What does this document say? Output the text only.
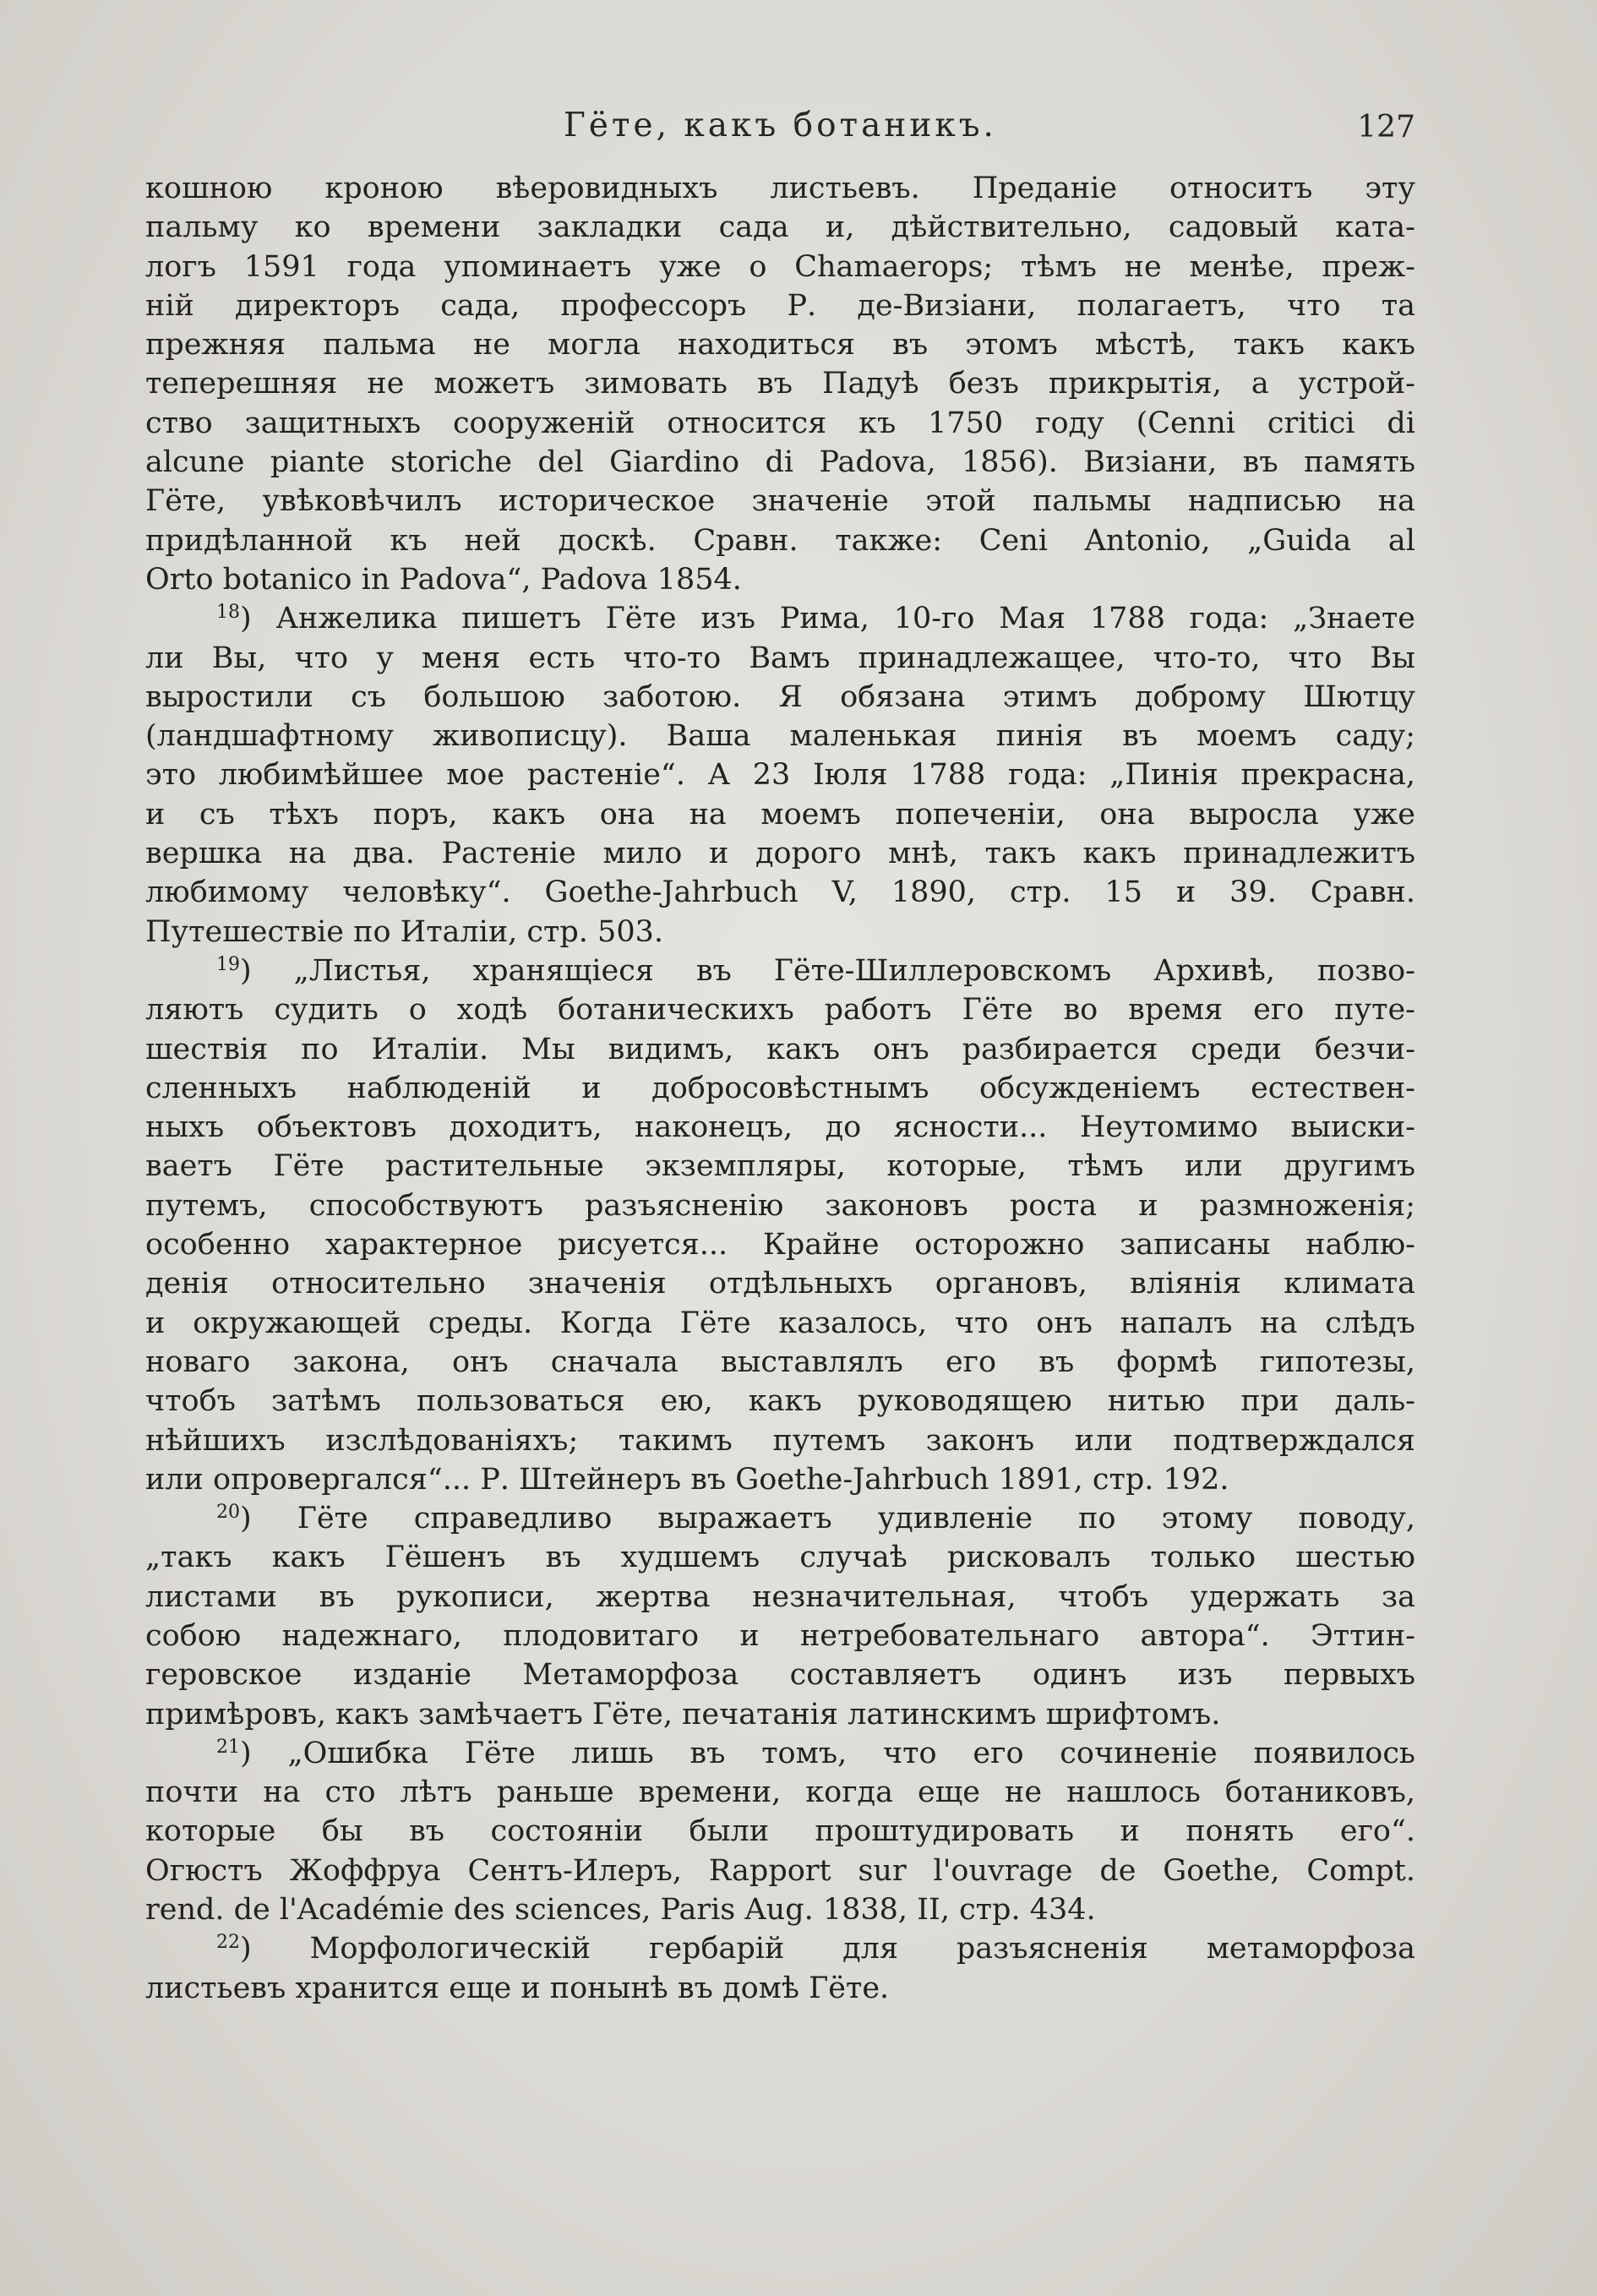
Гёте, какъ ботаникъ.	127
кошною кроною вѣеровидныхъ листьевъ. Преданіе относитъ эту
пальму ко времени закладки сада и, дѣйствительно, садовый ката-
логъ 1591 года упоминаетъ уже о Chamaerops; тѣмъ не менѣе, преж-
ній директоръ сада, профессоръ Р. де-Визіани, полагаетъ, что та
прежняя пальма не могла находиться въ этомъ мѣстѣ, такъ какъ
теперешняя не можетъ зимовать въ Падуѣ безъ прикрытія, а устрой-
ство защитныхъ сооруженій относится къ 1750 году (Cenni critici di
alcune piante storiche del Giardino di Padova, 1856). Визіани, въ память
Гёте, увѣковѣчилъ историческое значеніе этой пальмы надписью на
придѣланной къ ней доскѣ. Сравн. также: Ceni Antonio, „Guida al
Orto botanico in Padova“, Padova 1854.
$^{18}$) Анжелика пишетъ Гёте изъ Рима, 10-го Мая 1788 года: „Знаете
ли Вы, что у меня есть что-то Вамъ принадлежащее, что-то, что Вы
выростили съ большою заботою. Я обязана этимъ доброму Шютцу
(ландшафтному живописцу). Ваша маленькая пинія въ моемъ саду;
это любимѣйшее мое растеніе“. А 23 Іюля 1788 года: „Пинія прекрасна,
и съ тѣхъ поръ, какъ она на моемъ попеченіи, она выросла уже
вершка на два. Растеніе мило и дорого мнѣ, такъ какъ принадлежитъ
любимому человѣку“. Goethe-Jahrbuch V, 1890, стр. 15 и 39. Сравн.
Путешествіе по Италіи, стр. 503.
$^{19}$) „Листья, хранящіеся въ Гёте-Шиллеровскомъ Архивѣ, позво-
ляютъ судить о ходѣ ботаническихъ работъ Гёте во время его путе-
шествія по Италіи. Мы видимъ, какъ онъ разбирается среди безчи-
сленныхъ наблюденій и добросовѣстнымъ обсужденіемъ естествен-
ныхъ объектовъ доходитъ, наконецъ, до ясности... Неутомимо выиски-
ваетъ Гёте растительные экземпляры, которые, тѣмъ или другимъ
путемъ, способствуютъ разъясненію законовъ роста и размноженія;
особенно характерное рисуется... Крайне осторожно записаны наблю-
денія относительно значенія отдѣльныхъ органовъ, вліянія климата
и окружающей среды. Когда Гёте казалось, что онъ напалъ на слѣдъ
новаго закона, онъ сначала выставлялъ его въ формѣ гипотезы,
чтобъ затѣмъ пользоваться ею, какъ руководящею нитью при даль-
нѣйшихъ изслѣдованіяхъ; такимъ путемъ законъ или подтверждался
или опровергался“... Р. Штейнеръ въ Goethe-Jahrbuch 1891, стр. 192.
$^{20}$) Гёте справедливо выражаетъ удивленіе по этому поводу,
„такъ какъ Гёшенъ въ худшемъ случаѣ рисковалъ только шестью
листами въ рукописи, жертва незначительная, чтобъ удержать за
собою надежнаго, плодовитаго и нетребовательнаго автора“. Эттин-
геровское изданіе Метаморфоза составляетъ одинъ изъ первыхъ
примѣровъ, какъ замѣчаетъ Гёте, печатанія латинскимъ шрифтомъ.
$^{21}$) „Ошибка Гёте лишь въ томъ, что его сочиненіе появилось
почти на сто лѣтъ раньше времени, когда еще не нашлось ботаниковъ,
которые бы въ состояніи были проштудировать и понять его“.
Огюстъ Жоффруа Сентъ-Илеръ, Rapport sur l'ouvrage de Goethe, Compt.
rend. de l'Académie des sciences, Paris Aug. 1838, II, стр. 434.
$^{22}$) Морфологическій гербарій для разъясненія метаморфоза
листьевъ хранится еще и понынѣ въ домѣ Гёте.
